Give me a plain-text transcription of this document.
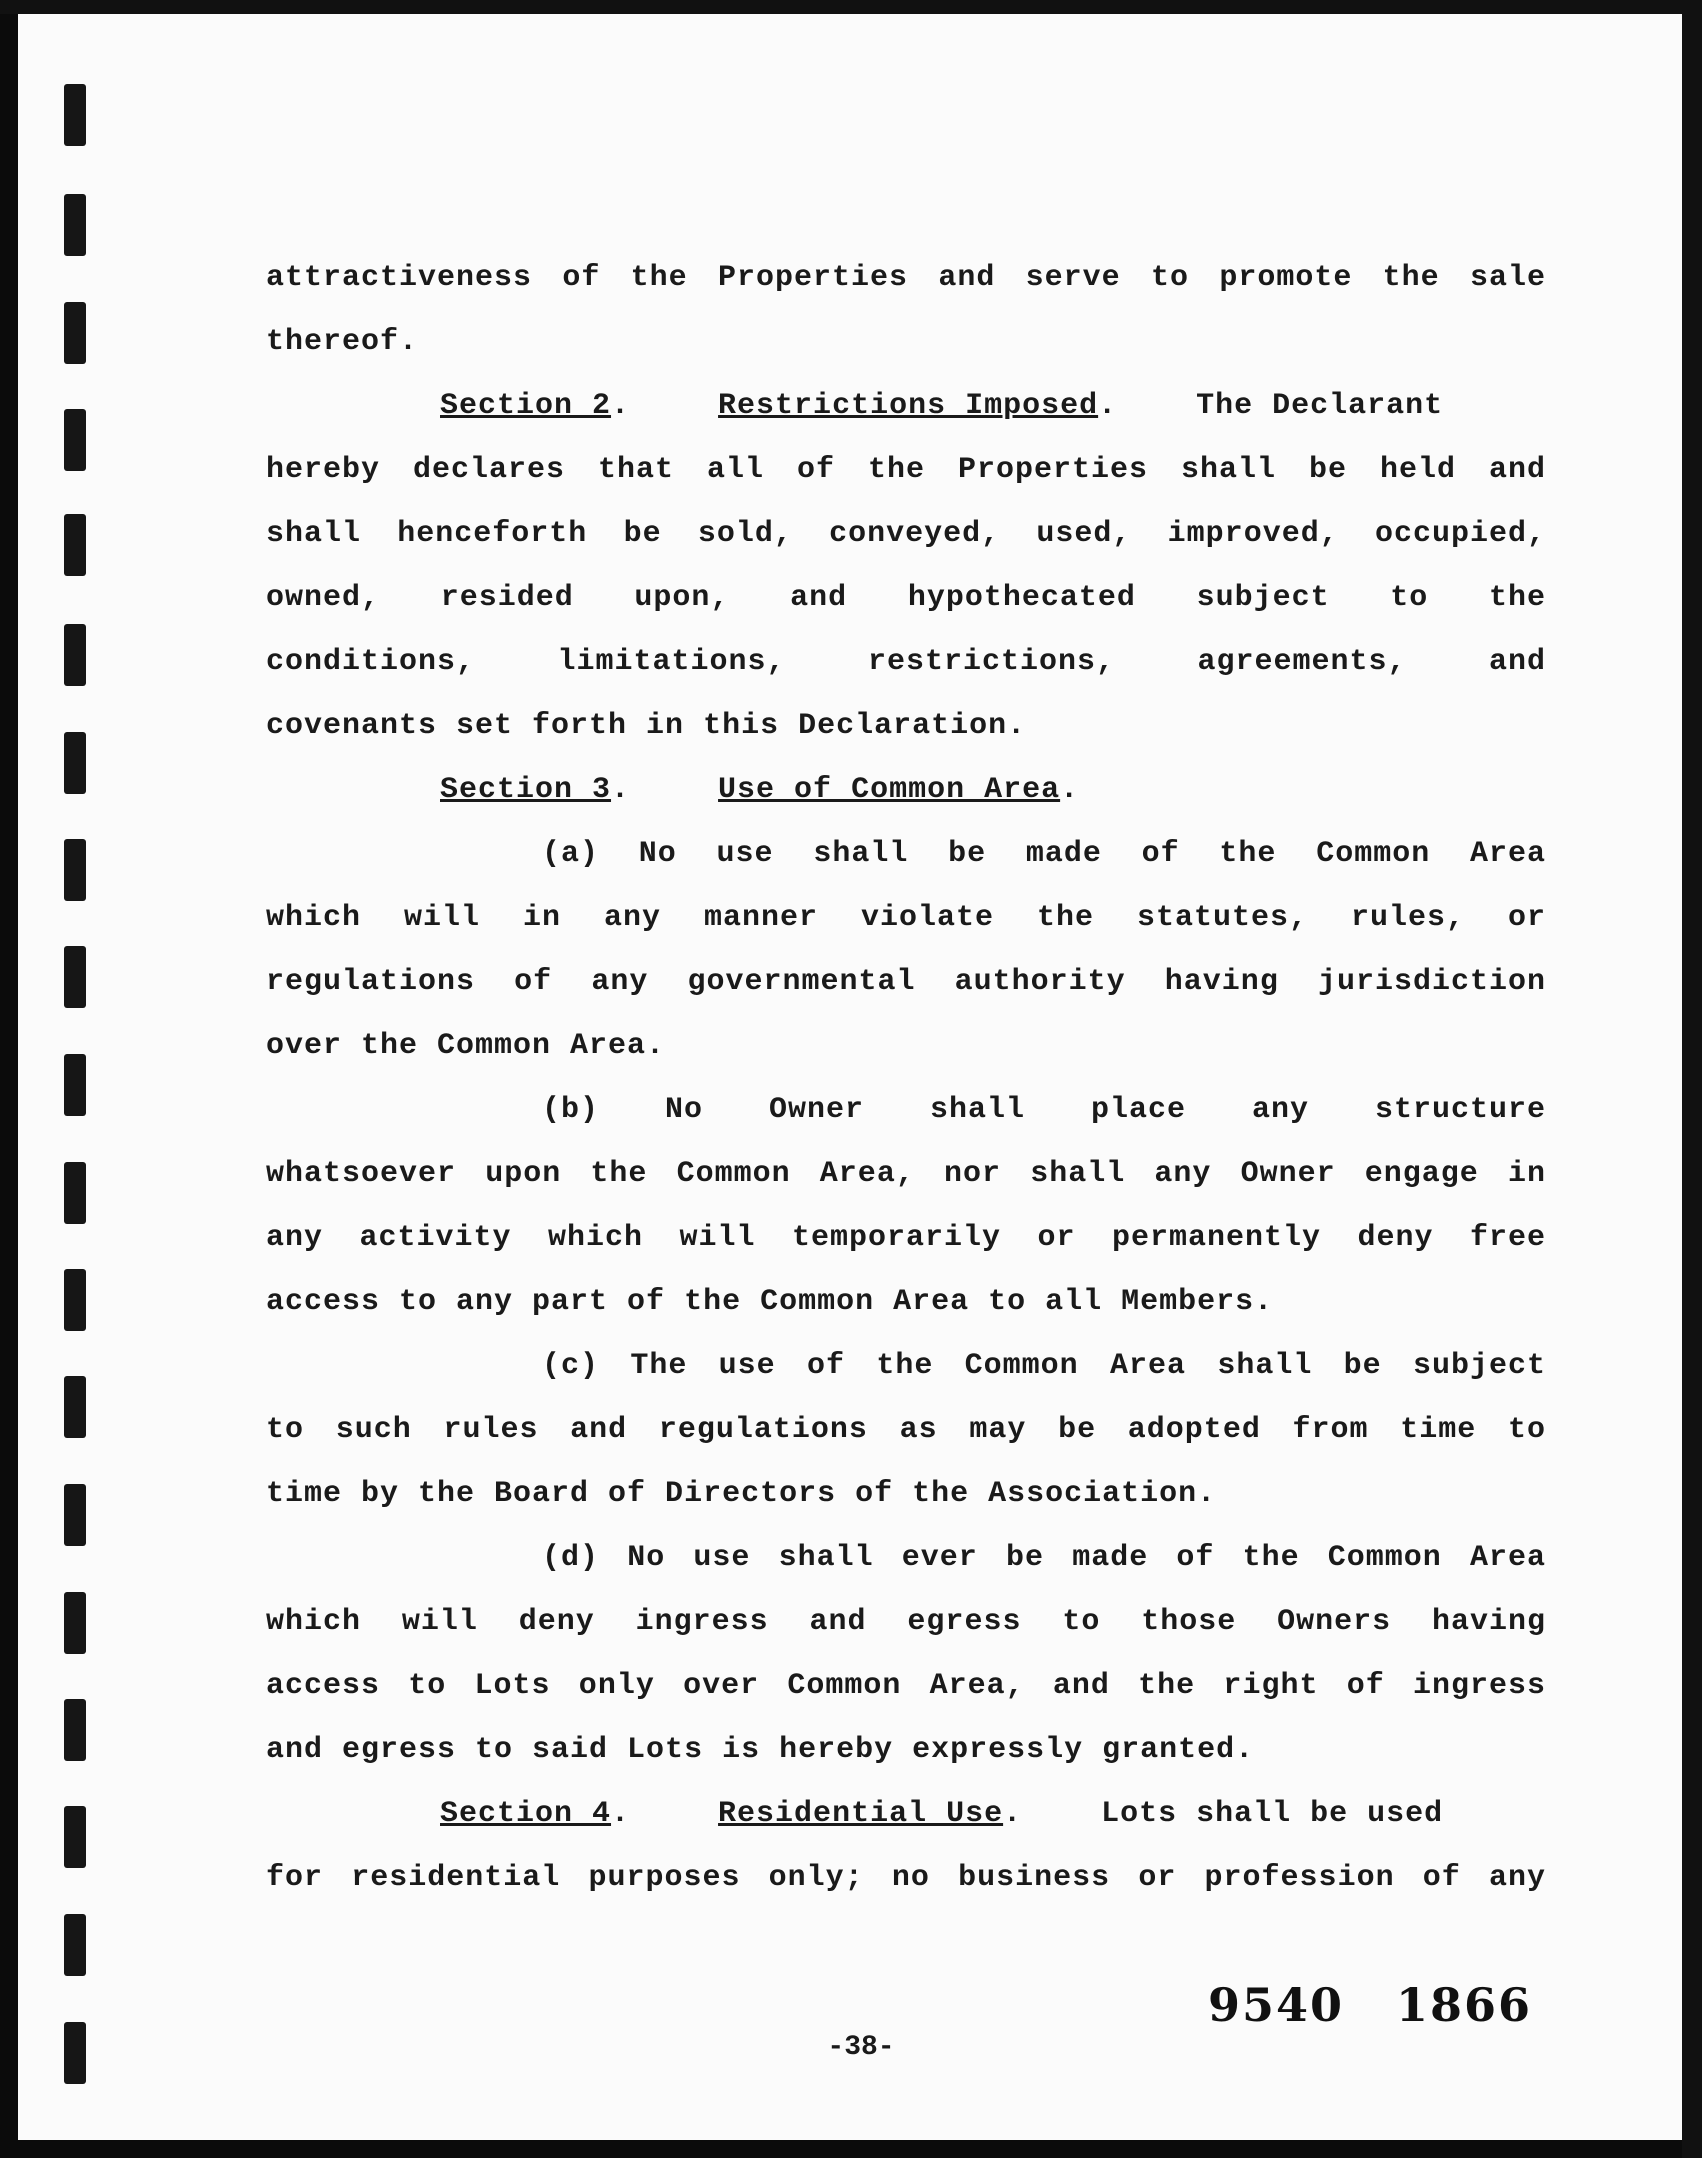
attractiveness of the Properties and serve to promote the sale
thereof.
Section 2.	Restrictions Imposed.	The Declarant
hereby declares that all of the Properties shall be held and
shall henceforth be sold, conveyed, used, improved, occupied,
owned, resided upon, and hypothecated subject to the
conditions, limitations, restrictions, agreements, and
covenants set forth in this Declaration.
Section 3.	Use of Common Area.
(a) No use shall be made of the Common Area
which will in any manner violate the statutes, rules, or
regulations of any governmental authority having jurisdiction
over the Common Area.
(b) No Owner shall place any structure
whatsoever upon the Common Area, nor shall any Owner engage in
any activity which will temporarily or permanently deny free
access to any part of the Common Area to all Members.
(c) The use of the Common Area shall be subject
to such rules and regulations as may be adopted from time to
time by the Board of Directors of the Association.
(d) No use shall ever be made of the Common Area
which will deny ingress and egress to those Owners having
access to Lots only over Common Area, and the right of ingress
and egress to said Lots is hereby expressly granted.
Section 4.	Residential Use.	Lots shall be used
for residential purposes only; no business or profession of any
9540 1866
-38-
